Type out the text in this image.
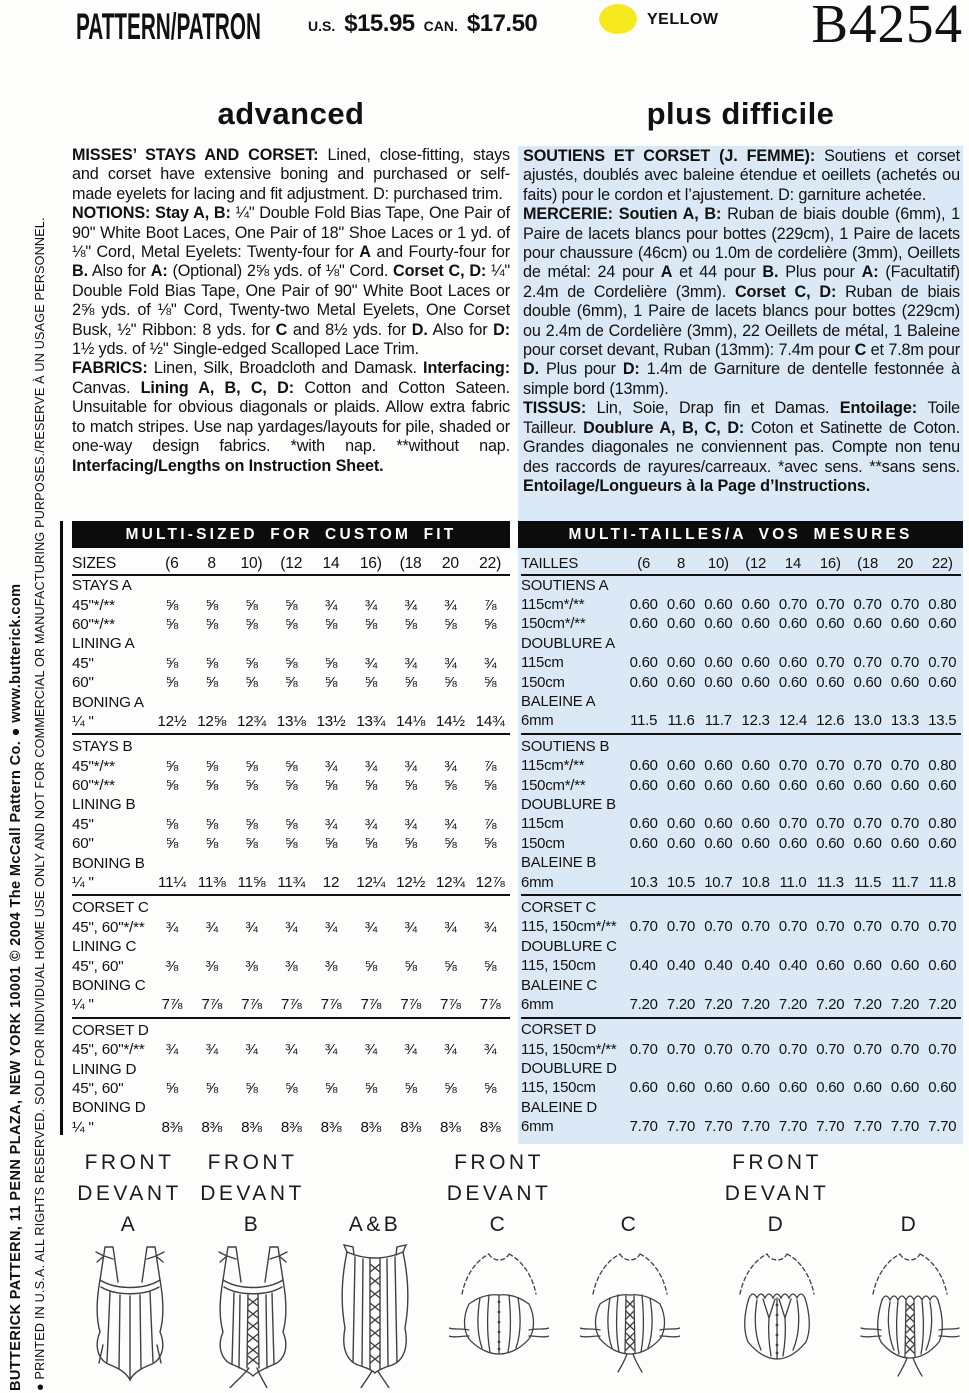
BUTTERICK PATTERN, 11 PENN PLAZA, NEW YORK 10001 © 2004 The McCall Pattern Co. ● www.butterick.com ● PRINTED IN U.S.A. ALL RIGHTS RESERVED. SOLD FOR INDIVIDUAL HOME USE ONLY AND NOT FOR COMMERCIAL OR MANUFACTURING PURPOSES./RESERVE À UN USAGE PERSONNEL.
PATTERN/PATRON	U.S. $15.95 CAN. $17.50	YELLOW B4254
advanced	plus difficile

SOUTIENS ET CORSET (J. FEMME): Soutiens et corset ajustés, doublés avec baleine étendue et oeillets (achetés ou faits) pour le cordon et l’ajustement. D: garniture achetée.

MERCERIE: Soutien A, B: Ruban de biais double (6mm), 1 Paire de lacets blancs pour bottes (229cm), 1 Paire de lacets pour chaussure (46cm) ou 1.0m de cordelière (3mm), Oeillets de métal: 24 pour A et 44 pour B. Plus pour A: (Facultatif) 2.4m de Cordelière (3mm). Corset C, D: Ruban de biais double (6mm), 1 Paire de lacets blancs pour bottes (229cm) ou 2.4m de Cordelière (3mm), 22 Oeillets de métal, 1 Baleine pour corset devant, Ruban (13mm): 7.4m pour C et 7.8m pour D. Plus pour D: 1.4m de Garniture de dentelle festonnée à simple bord (13mm).

TISSUS: Lin, Soie, Drap fin et Damas. Entoilage: Toile Tailleur. Doublure A, B, C, D: Coton et Satinette de Coton. Grandes diagonales ne conviennent pas. Compte non tenu des raccords de rayures/carreaux. *avec sens. **sans sens. Entoilage/Longueurs à la Page d’Instructions.

MISSES’ STAYS AND CORSET: Lined, close-fitting, stays and corset have extensive boning and purchased or self-made eyelets for lacing and fit adjustment. D: purchased trim.

NOTIONS: Stay A, B: ¼" Double Fold Bias Tape, One Pair of 90" White Boot Laces, One Pair of 18" Shoe Laces or 1 yd. of ⅛" Cord, Metal Eyelets: Twenty-four for A and Fourty-four for B. Also for A: (Optional) 2⅝ yds. of ⅛" Cord. Corset C, D: ¼" Double Fold Bias Tape, One Pair of 90" White Boot Laces or 2⅝ yds. of ⅛" Cord, Twenty-two Metal Eyelets, One Corset Busk, ½" Ribbon: 8 yds. for C and 8½ yds. for D. Also for D: 1½ yds. of ½" Single-edged Scalloped Lace Trim.

FABRICS: Linen, Silk, Broadcloth and Damask. Interfacing: Canvas. Lining A, B, C, D: Cotton and Cotton Sateen. Unsuitable for obvious diagonals or plaids. Allow extra fabric to match stripes. Use nap yardages/layouts for pile, shaded or one-way design fabrics. *with nap. **without nap. Interfacing/Lengths on Instruction Sheet.

MULTI-SIZED FOR CUSTOM FIT	MULTI-TAILLES/A VOS MESURES
SIZES	(6	8	10)	(12	14	16)	(18	20	22)
STAYS A
45"*/**	⅝	⅝	⅝	⅝	¾	¾	¾	¾	⅞
60"*/**	⅝	⅝	⅝	⅝	⅝	⅝	⅝	⅝	⅝
LINING A
45"	⅝	⅝	⅝	⅝	⅝	¾	¾	¾	¾
60"	⅝	⅝	⅝	⅝	⅝	⅝	⅝	⅝	⅝
BONING A
¼ "	12½ 12⅝ 12¾ 13⅛ 13½ 13¾ 14⅛ 14½ 14¾
STAYS B
45"*/**	⅝	⅝	⅝	⅝	¾	¾	¾	¾	⅞
60"*/**	⅝	⅝	⅝	⅝	⅝	⅝	⅝	⅝	⅝
LINING B
45"	⅝	⅝	⅝	⅝	¾	¾	¾	¾	⅞
60"	⅝	⅝	⅝	⅝	⅝	⅝	⅝	⅝	⅝
BONING B
¼ "	11¼ 11⅜ 11⅝ 11¾	12	12¼ 12½ 12¾ 12⅞
CORSET C
45", 60"*/**	¾	¾	¾	¾	¾	¾	¾	¾	¾
LINING C
45", 60"	⅜	⅜	⅜	⅜	⅜	⅝	⅝	⅝	⅝
BONING C
¼ "	7⅞	7⅞	7⅞	7⅞	7⅞	7⅞	7⅞	7⅞	7⅞
CORSET D
45", 60"*/**	¾	¾	¾	¾	¾	¾	¾	¾	¾
LINING D
45", 60"	⅝	⅝	⅝	⅝	⅝	⅝	⅝	⅝	⅝
BONING D
¼ "	8⅜	8⅜	8⅜	8⅜	8⅜	8⅜	8⅜	8⅜	8⅜
TAILLES	(6	8	10)	(12	14	16)	(18	20	22)
SOUTIENS A
115cm*/**	0.60 0.60 0.60 0.60 0.70 0.70 0.70 0.70 0.80
150cm*/**	0.60 0.60 0.60 0.60 0.60 0.60 0.60 0.60 0.60
DOUBLURE A
115cm	0.60 0.60 0.60 0.60 0.60 0.70 0.70 0.70 0.70
150cm	0.60 0.60 0.60 0.60 0.60 0.60 0.60 0.60 0.60
BALEINE A
6mm	11.5 11.6 11.7 12.3 12.4 12.6 13.0 13.3 13.5
SOUTIENS B
115cm*/**	0.60 0.60 0.60 0.60 0.70 0.70 0.70 0.70 0.80
150cm*/**	0.60 0.60 0.60 0.60 0.60 0.60 0.60 0.60 0.60
DOUBLURE B
115cm	0.60 0.60 0.60 0.60 0.70 0.70 0.70 0.70 0.80
150cm	0.60 0.60 0.60 0.60 0.60 0.60 0.60 0.60 0.60
BALEINE B
6mm	10.3 10.5 10.7 10.8 11.0 11.3 11.5 11.7 11.8
CORSET C
115, 150cm*/** 0.70 0.70 0.70 0.70 0.70 0.70 0.70 0.70 0.70
DOUBLURE C
115, 150cm	0.40 0.40 0.40 0.40 0.40 0.60 0.60 0.60 0.60
BALEINE C
6mm	7.20 7.20 7.20 7.20 7.20 7.20 7.20 7.20 7.20
CORSET D
115, 150cm*/** 0.70 0.70 0.70 0.70 0.70 0.70 0.70 0.70 0.70
DOUBLURE D
115, 150cm	0.60 0.60 0.60 0.60 0.60 0.60 0.60 0.60 0.60
BALEINE D
6mm	7.70 7.70 7.70 7.70 7.70 7.70 7.70 7.70 7.70
FRONT
DEVANT
A
FRONT
DEVANT
B	A&B
FRONT
DEVANT
C	C
FRONT
DEVANT
D	D
